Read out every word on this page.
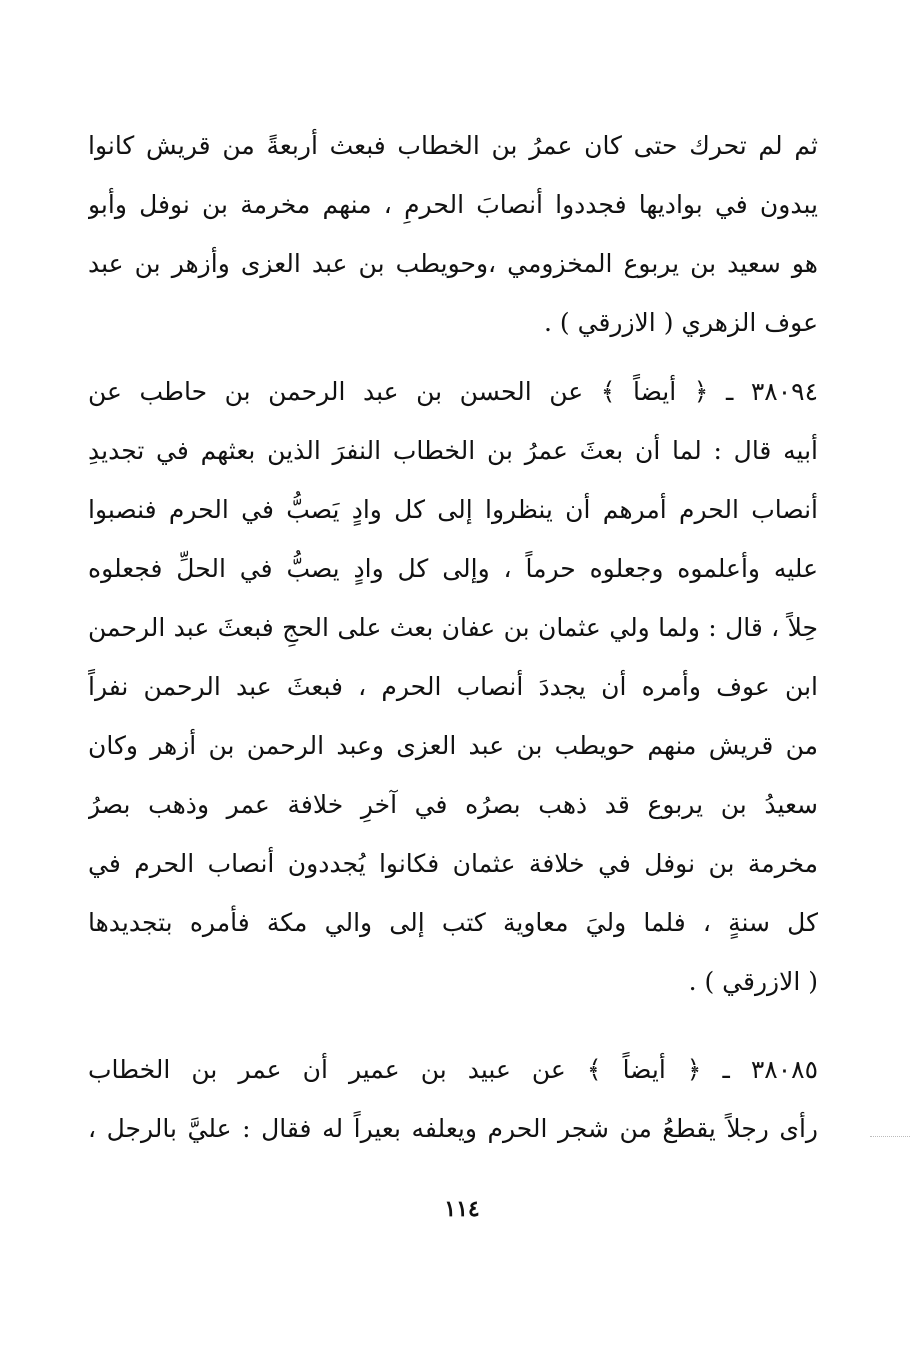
ثم لم تحرك حتى كان عمرُ بن الخطاب فبعث أربعةً من قريش كانوا
يبدون في بواديها فجددوا أنصابَ الحرمِ ، منهم مخرمة بن نوفل وأبو
هو سعيد بن يربوع المخزومي ،وحويطب بن عبد العزى وأزهر بن عبد
عوف الزهري ( الازرقي ) .
٣٨٠٩٤ ـ ﴿ أيضاً ﴾ عن الحسن بن عبد الرحمن بن حاطب عن
أبيه قال : لما أن بعثَ عمرُ بن الخطاب النفرَ الذين بعثهم في تجديدِ
أنصاب الحرم أمرهم أن ينظروا إلى كل وادٍ يَصبُّ في الحرم فنصبوا
عليه وأعلموه وجعلوه حرماً ، وإلى كل وادٍ يصبُّ في الحلِّ فجعلوه
حِلاً ، قال : ولما ولي عثمان بن عفان بعث على الحجِ فبعثَ عبد الرحمن
ابن عوف وأمره أن يجددَ أنصاب الحرم ، فبعثَ عبد الرحمن نفراً
من قريش منهم حويطب بن عبد العزى وعبد الرحمن بن أزهر وكان
سعيدُ بن يربوع قد ذهب بصرُه في آخرِ خلافة عمر وذهب بصرُ
مخرمة بن نوفل في خلافة عثمان فكانوا يُجددون أنصاب الحرم في
كل سنةٍ ، فلما وليَ معاوية كتب إلى والي مكة فأمره بتجديدها
( الازرقي ) .
٣٨٠٨٥ ـ ﴿ أيضاً ﴾ عن عبيد بن عمير أن عمر بن الخطاب
رأى رجلاً يقطعُ من شجر الحرم ويعلفه بعيراً له فقال : عليَّ بالرجل ،
١١٤
